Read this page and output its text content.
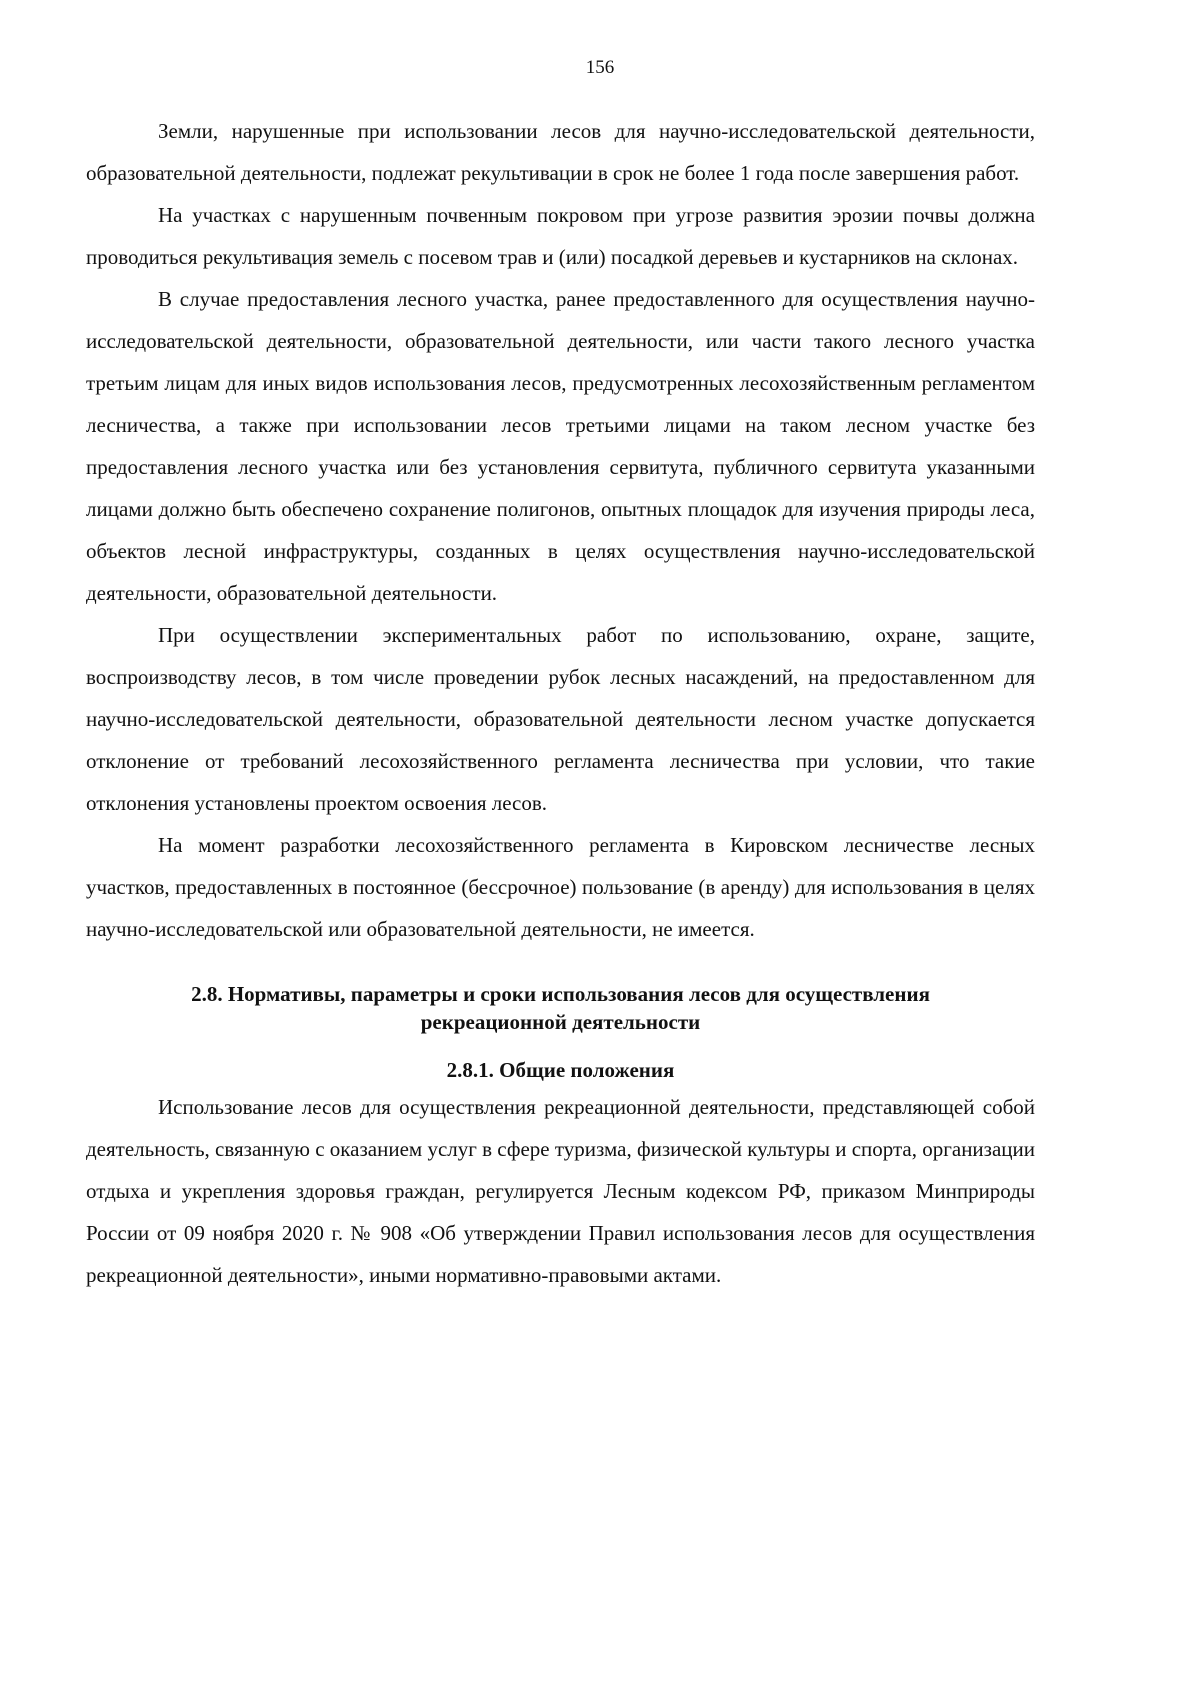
156

Земли, нарушенные при использовании лесов для научно-исследовательской деятельности, образовательной деятельности, подлежат рекультивации в срок не более 1 года после завершения работ.

На участках с нарушенным почвенным покровом при угрозе развития эрозии почвы должна проводиться рекультивация земель с посевом трав и (или) посадкой деревьев и кустарников на склонах.

В случае предоставления лесного участка, ранее предоставленного для осуществления научно-исследовательской деятельности, образовательной деятельности, или части такого лесного участка третьим лицам для иных видов использования лесов, предусмотренных лесохозяйственным регламентом лесничества, а также при использовании лесов третьими лицами на таком лесном участке без предоставления лесного участка или без установления сервитута, публичного сервитута указанными лицами должно быть обеспечено сохранение полигонов, опытных площадок для изучения природы леса, объектов лесной инфраструктуры, созданных в целях осуществления научно-исследовательской деятельности, образовательной деятельности.

При осуществлении экспериментальных работ по использованию, охране, защите, воспроизводству лесов, в том числе проведении рубок лесных насаждений, на предоставленном для научно-исследовательской деятельности, образовательной деятельности лесном участке допускается отклонение от требований лесохозяйственного регламента лесничества при условии, что такие отклонения установлены проектом освоения лесов.

На момент разработки лесохозяйственного регламента в Кировском лесничестве лесных участков, предоставленных в постоянное (бессрочное) пользование (в аренду) для использования в целях научно-исследовательской или образовательной деятельности, не имеется.

2.8. Нормативы, параметры и сроки использования лесов для осуществления
рекреационной деятельности
2.8.1. Общие положения

Использование лесов для осуществления рекреационной деятельности, представляющей собой деятельность, связанную с оказанием услуг в сфере туризма, физической культуры и спорта, организации отдыха и укрепления здоровья граждан, регулируется Лесным кодексом РФ, приказом Минприроды России от 09 ноября 2020 г. № 908 «Об утверждении Правил использования лесов для осуществления рекреационной деятельности», иными нормативно-правовыми актами.
